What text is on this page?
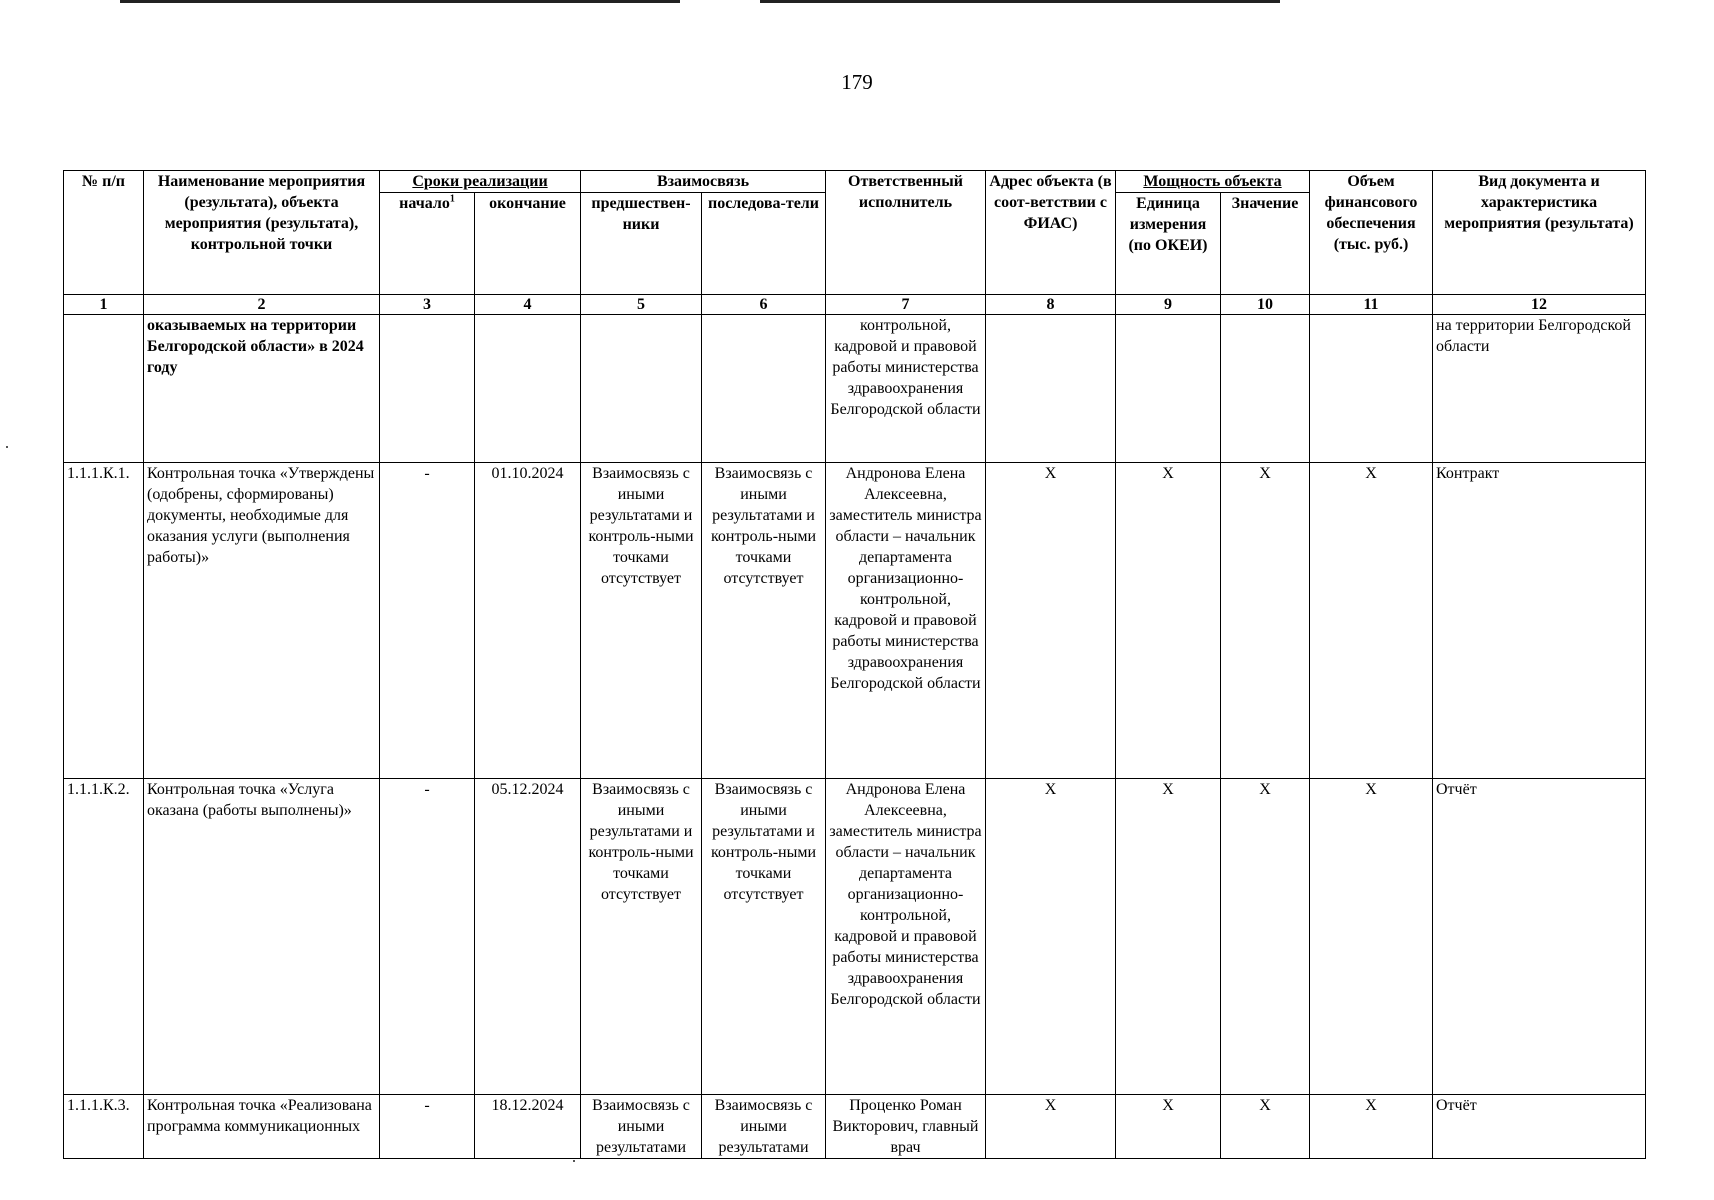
179
№ п/п	Наименование мероприятия (результата), объекта мероприятия (результата), контрольной точки	Сроки реализации		Взаимосвязь		Ответственный исполнитель	Адрес объекта (в соот-ветствии с ФИАС)	Мощность объекта		Объем финансового обеспечения (тыс. руб.)	Вид документа и характеристика мероприятия (результата)
		начало$^1$	окончание	предшествен-ники	последова-тели			Единица измерения (по ОКЕИ)	Значение		
1	2	3	4	5	6	7	8	9	10	11	12
	оказываемых на территории Белгородской области» в 2024 году					контрольной, кадровой и правовой работы министерства здравоохранения Белгородской области					на территории Белгородской области
1.1.1.К.1.	Контрольная точка «Утверждены (одобрены, сформированы) документы, необходимые для оказания услуги (выполнения работы)»	-	01.10.2024	Взаимосвязь с иными результатами и контроль-ными точками отсутствует	Взаимосвязь с иными результатами и контроль-ными точками отсутствует	Андронова Елена Алексеевна, заместитель министра области – начальник департамента организационно-контрольной, кадровой и правовой работы министерства здравоохранения Белгородской области	X	X	X	X	Контракт
1.1.1.К.2.	Контрольная точка «Услуга оказана (работы выполнены)»	-	05.12.2024	Взаимосвязь с иными результатами и контроль-ными точками отсутствует	Взаимосвязь с иными результатами и контроль-ными точками отсутствует	Андронова Елена Алексеевна, заместитель министра области – начальник департамента организационно-контрольной, кадровой и правовой работы министерства здравоохранения Белгородской области	X	X	X	X	Отчёт
1.1.1.К.3.	Контрольная точка «Реализована программа коммуникационных	-	18.12.2024	Взаимосвязь с иными результатами	Взаимосвязь с иными результатами	Проценко Роман Викторович, главный врач	X	X	X	X	Отчёт
